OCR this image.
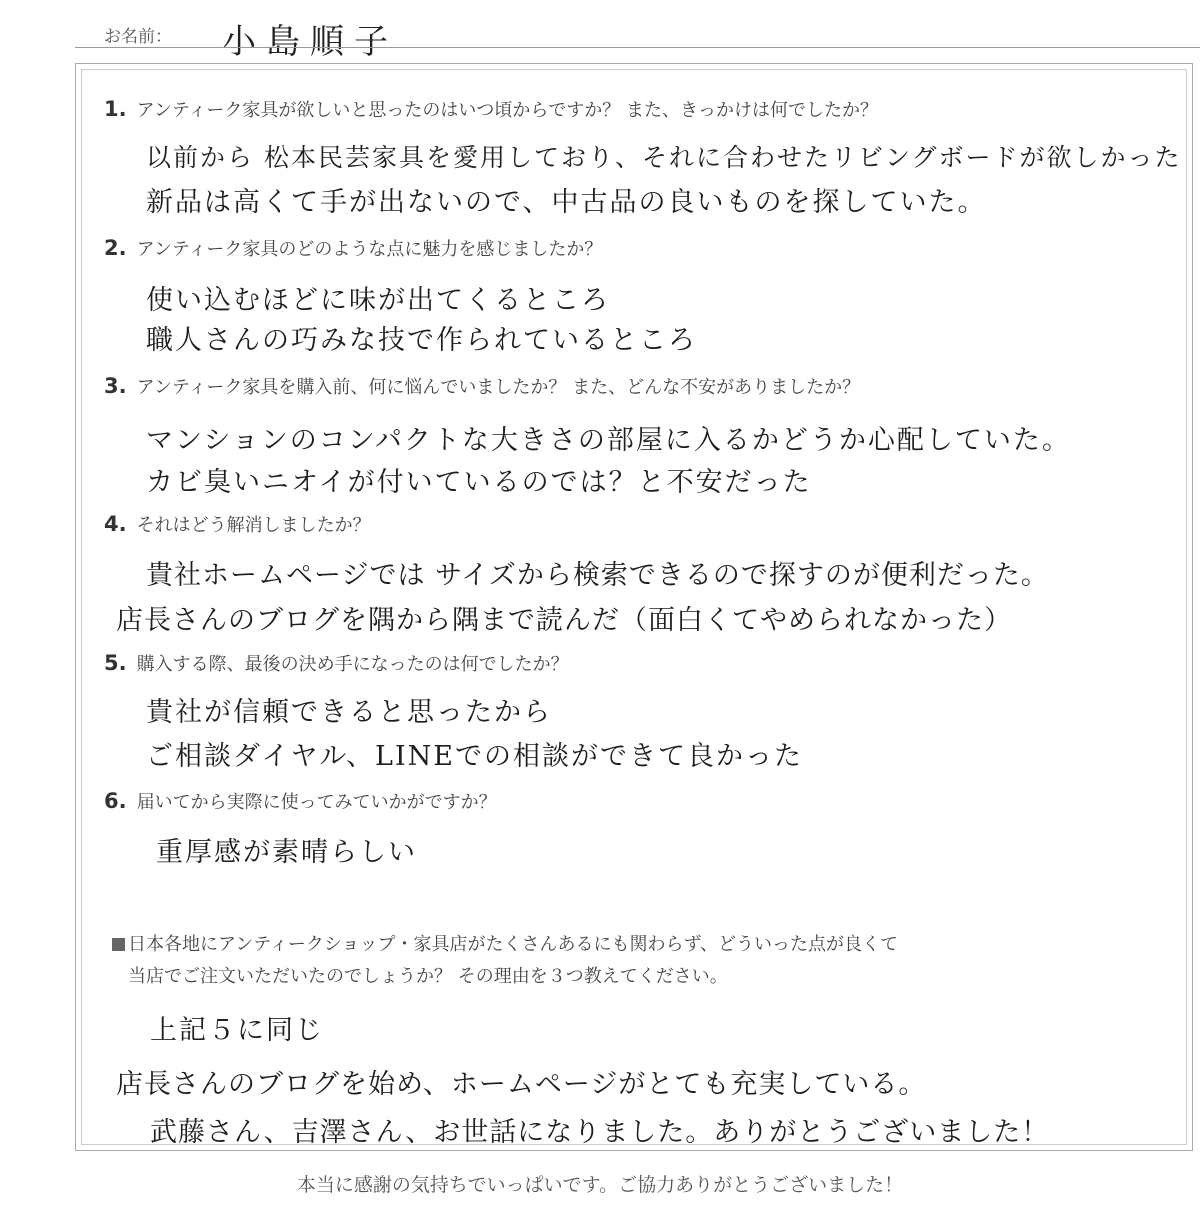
お名前： 小島順子
1. アンティーク家具が欲しいと思ったのはいつ頃からですか？ また、きっかけは何でしたか？
以前から 松本民芸家具を愛用しており、それに合わせたリビングボードが欲しかった
新品は高くて手が出ないので、中古品の良いものを探していた。
2. アンティーク家具のどのような点に魅力を感じましたか？
使い込むほどに味が出てくるところ
職人さんの巧みな技で作られているところ
3. アンティーク家具を購入前、何に悩んでいましたか？ また、どんな不安がありましたか？
マンションのコンパクトな大きさの部屋に入るかどうか心配していた。
カビ臭いニオイが付いているのでは？と不安だった
4. それはどう解消しましたか？
貴社ホームページでは サイズから検索できるので探すのが便利だった。
店長さんのブログを隅から隅まで読んだ（面白くてやめられなかった）
5. 購入する際、最後の決め手になったのは何でしたか？
貴社が信頼できると思ったから
ご相談ダイヤル、LINEでの相談ができて良かった
6. 届いてから実際に使ってみていかがですか？
重厚感が素晴らしい
日本各地にアンティークショップ・家具店がたくさんあるにも関わらず、どういった点が良くて
当店でご注文いただいたのでしょうか？ その理由を３つ教えてください。
上記５に同じ
店長さんのブログを始め、ホームページがとても充実している。
武藤さん、吉澤さん、お世話になりました。ありがとうございました！
本当に感謝の気持ちでいっぱいです。ご協力ありがとうございました！
